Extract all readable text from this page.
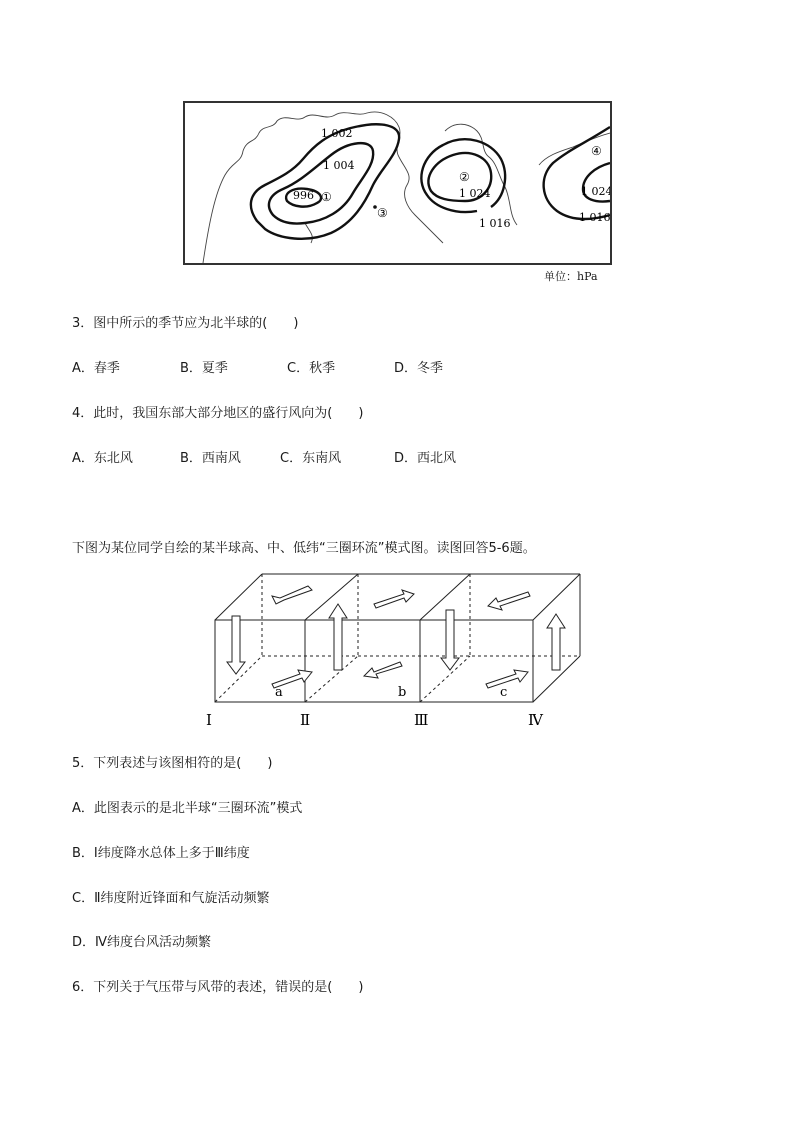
1 002
1 004
996	1 024
1 016
1 024
1 016
①
②
③
④
单位：hPa
3．图中所示的季节应为北半球的(　　)
A．春季	B．夏季	C．秋季	D．冬季
4．此时，我国东部大部分地区的盛行风向为(　　)
A．东北风	B．西南风	C．东南风	D．西北风
下图为某位同学自绘的某半球高、中、低纬“三圈环流”模式图。读图回答5-6题。
a	b	c
Ⅰ	Ⅱ	Ⅲ	Ⅳ
5．下列表述与该图相符的是(　　)
A．此图表示的是北半球“三圈环流”模式
B．Ⅰ纬度降水总体上多于Ⅲ纬度
C．Ⅱ纬度附近锋面和气旋活动频繁
D．Ⅳ纬度台风活动频繁
6．下列关于气压带与风带的表述，错误的是(　　)
